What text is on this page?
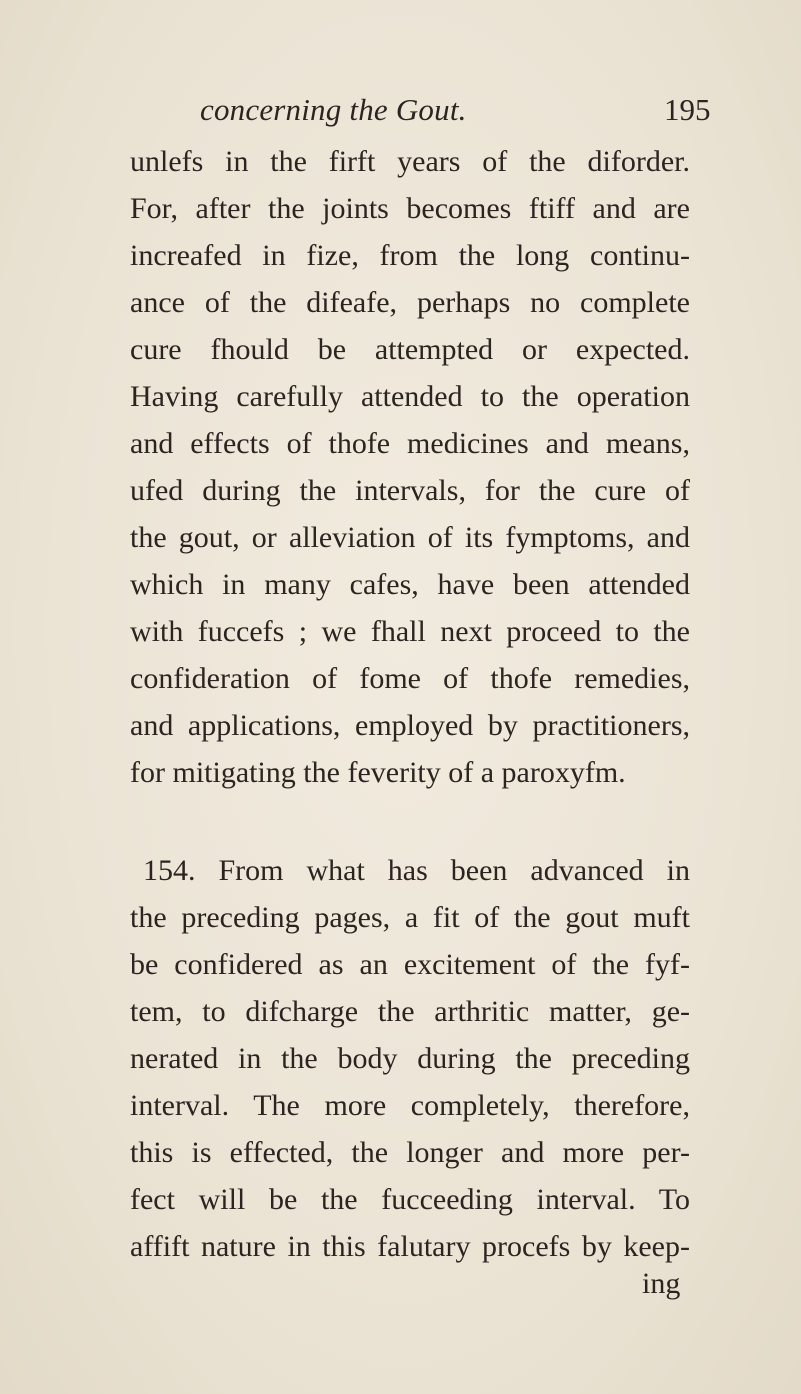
concerning the Gout.	195
unlefs in the firft years of the diforder.
For, after the joints becomes ftiff and are
increafed in fize, from the long continu-
ance of the difeafe, perhaps no complete
cure fhould be attempted or expected.
Having carefully attended to the operation
and effects of thofe medicines and means,
ufed during the intervals, for the cure of
the gout, or alleviation of its fymptoms, and
which in many cafes, have been attended
with fuccefs ; we fhall next proceed to the
confideration of fome of thofe remedies,
and applications, employed by practitioners,
for mitigating the feverity of a paroxyfm.
154. From what has been advanced in
the preceding pages, a fit of the gout muft
be confidered as an excitement of the fyf-
tem, to difcharge the arthritic matter, ge-
nerated in the body during the preceding
interval. The more completely, therefore,
this is effected, the longer and more per-
fect will be the fucceeding interval. To
affift nature in this falutary procefs by keep-
ing
